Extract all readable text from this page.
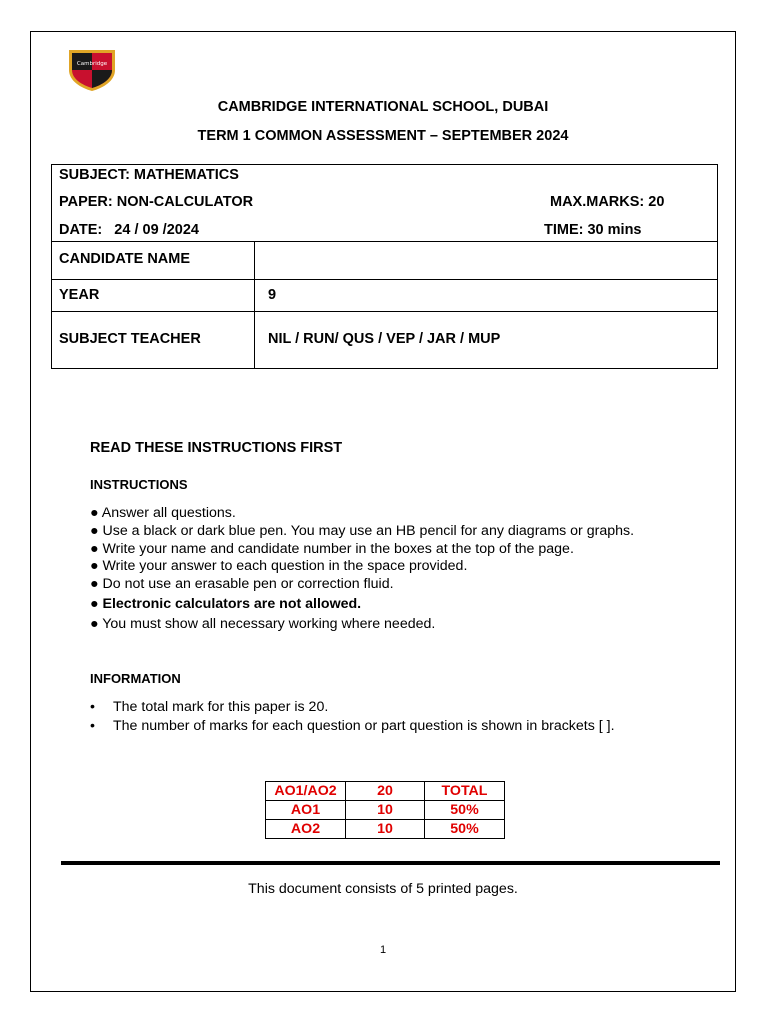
Cambridge
CAMBRIDGE INTERNATIONAL SCHOOL, DUBAI
TERM 1 COMMON ASSESSMENT – SEPTEMBER 2024
SUBJECT: MATHEMATICS
PAPER: NON-CALCULATOR	MAX.MARKS: 20
DATE:   24 / 09 /2024	TIME: 30 mins
CANDIDATE NAME
YEAR	9
SUBJECT TEACHER	NIL / RUN/ QUS / VEP / JAR / MUP
READ THESE INSTRUCTIONS FIRST
INSTRUCTIONS
● Answer all questions.
● Use a black or dark blue pen. You may use an HB pencil for any diagrams or graphs.
● Write your name and candidate number in the boxes at the top of the page.
● Write your answer to each question in the space provided.
● Do not use an erasable pen or correction fluid.
● Electronic calculators are not allowed.
● You must show all necessary working where needed.
INFORMATION
• The total mark for this paper is 20.
• The number of marks for each question or part question is shown in brackets [ ].
AO1/AO2	20	TOTAL
AO1	10	50%
AO2	10	50%
This document consists of 5 printed pages.
1
